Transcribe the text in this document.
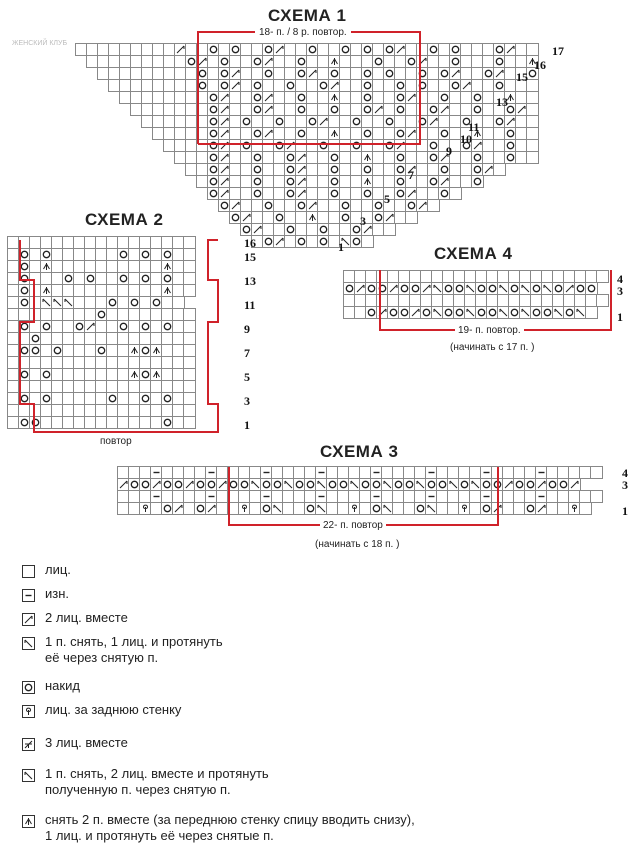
ЖЕНСКИЙ КЛУБ
СХЕМА 1
18- п. / 8 р. повтор.
17
16
15
13
11
10
9
7
5
3
1
СХЕМА 2
повтор
16
15
13
11
9
7
5
3
1
СХЕМА 4
19- п. повтор.
(начинать с 17 п. )
4
3
1
СХЕМА 3
22- п. повтор
(начинать с 18 п. )
4
3
1
лиц.
изн.
2 лиц. вместе
1 п. снять, 1 лиц. и протянуть
её через снятую п.
накид
лиц. за заднюю стенку
3 лиц. вместе
1 п. снять, 2 лиц. вместе и протянуть
полученную п. через снятую п.
снять 2 п. вместе (за переднюю стенку спицу вводить снизу),
1 лиц. и протянуть её через снятые п.
